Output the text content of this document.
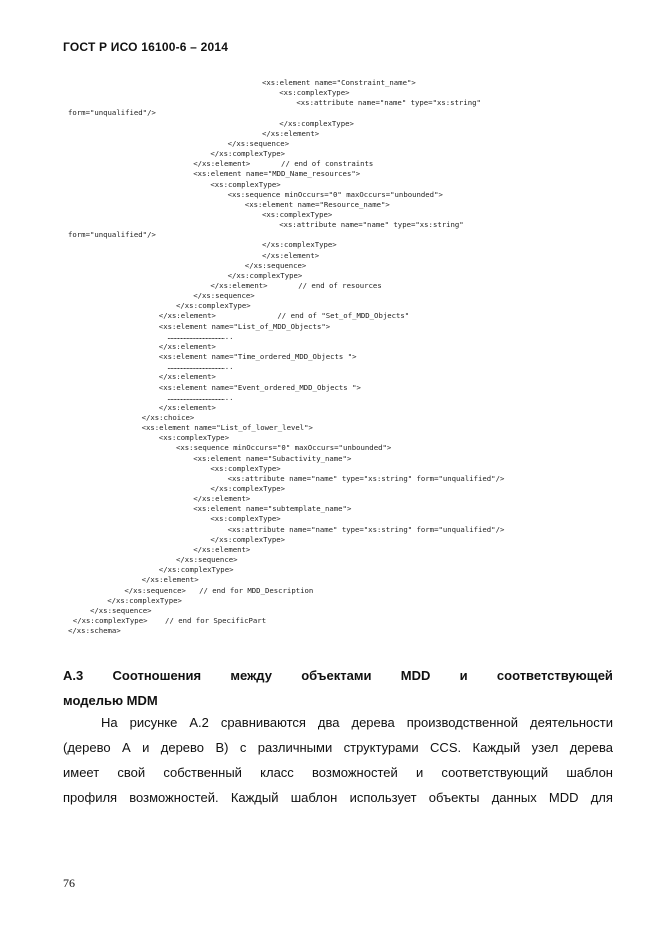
ГОСТ Р ИСО 16100-6 – 2014
<xs:element name="Constraint_name">
<xs:complexType>
<xs:attribute name="name" type="xs:string"
form="unqualified"/>
</xs:complexType>
</xs:element>
</xs:sequence>
</xs:complexType>
</xs:element>       // end of constraints
<xs:element name="MDD_Name_resources">
<xs:complexType>
<xs:sequence minOccurs="0" maxOccurs="unbounded">
<xs:element name="Resource_name">
<xs:complexType>
<xs:attribute name="name" type="xs:string"
form="unqualified"/>
</xs:complexType>
</xs:element>
</xs:sequence>
</xs:complexType>
</xs:element>       // end of resources
</xs:sequence>
</xs:complexType>
</xs:element>              // end of "Set_of_MDD_Objects"
<xs:element name="List_of_MDD_Objects">
…………………………………..
</xs:element>
<xs:element name="Time_ordered_MDD_Objects ">
…………………………………..
</xs:element>
<xs:element name="Event_ordered_MDD_Objects ">
…………………………………..
</xs:element>
</xs:choice>
<xs:element name="List_of_lower_level">
<xs:complexType>
<xs:sequence minOccurs="0" maxOccurs="unbounded">
<xs:element name="Subactivity_name">
<xs:complexType>
<xs:attribute name="name" type="xs:string" form="unqualified"/>
</xs:complexType>
</xs:element>
<xs:element name="subtemplate_name">
<xs:complexType>
<xs:attribute name="name" type="xs:string" form="unqualified"/>
</xs:complexType>
</xs:element>
</xs:sequence>
</xs:complexType>
</xs:element>
</xs:sequence>   // end for MDD_Description
</xs:complexType>
</xs:sequence>
</xs:complexType>    // end for SpecificPart
</xs:schema>
А.3 Соотношения между объектами MDD и соответствующей
моделью MDM
На рисунке А.2 сравниваются два дерева производственной деятельности
(дерево А и дерево В) с различными структурами CCS. Каждый узел дерева
имеет свой собственный класс возможностей и соответствующий шаблон
профиля возможностей. Каждый шаблон использует объекты данных MDD для
76
